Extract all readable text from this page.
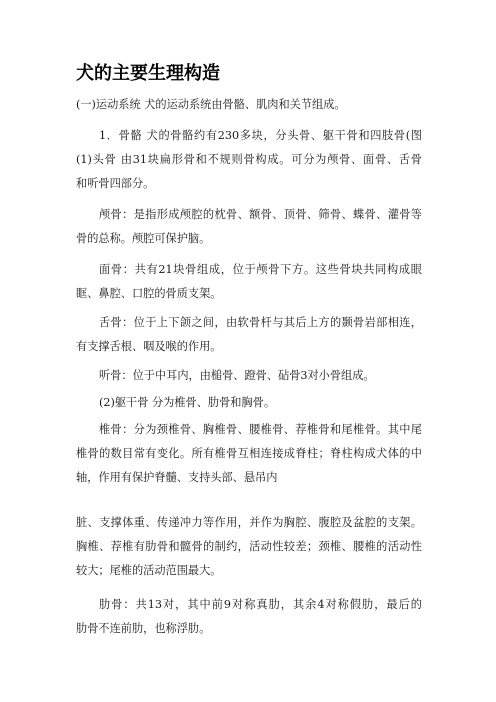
犬的主要生理构造
(一)运动系统 犬的运动系统由骨骼、肌肉和关节组成。
1．骨骼 犬的骨骼约有230多块，分头骨、躯干骨和四肢骨(图
(1)头骨 由31块扁形骨和不规则骨构成。可分为颅骨、面骨、舌骨
和听骨四部分。
颅骨：是指形成颅腔的枕骨、额骨、顶骨、筛骨、蝶骨、灌骨等
骨的总称。颅腔可保护脑。
面骨：共有21块骨组成，位于颅骨下方。这些骨块共同构成眼
眶、鼻腔、口腔的骨质支架。
舌骨：位于上下颌之间，由软骨杆与其后上方的颞骨岩部相连，
有支撑舌根、咽及喉的作用。
听骨：位于中耳内，由槌骨、蹬骨、砧骨3对小骨组成。
(2)躯干骨 分为椎骨、肋骨和胸骨。
椎骨：分为颈椎骨、胸椎骨、腰椎骨、荐椎骨和尾椎骨。其中尾
椎骨的数目常有变化。所有椎骨互相连接成脊柱；脊柱构成犬体的中
轴，作用有保护脊髓、支持头部、悬吊内
脏、支撑体重、传递冲力等作用，并作为胸腔、腹腔及盆腔的支架。
胸椎、荐椎有肋骨和髋骨的制约，活动性较差；颈椎、腰椎的活动性
较大；尾椎的活动范围最大。
肋骨：共13对，其中前9对称真肋，其余4对称假肋，最后的
肋骨不连前肋，也称浮肋。
